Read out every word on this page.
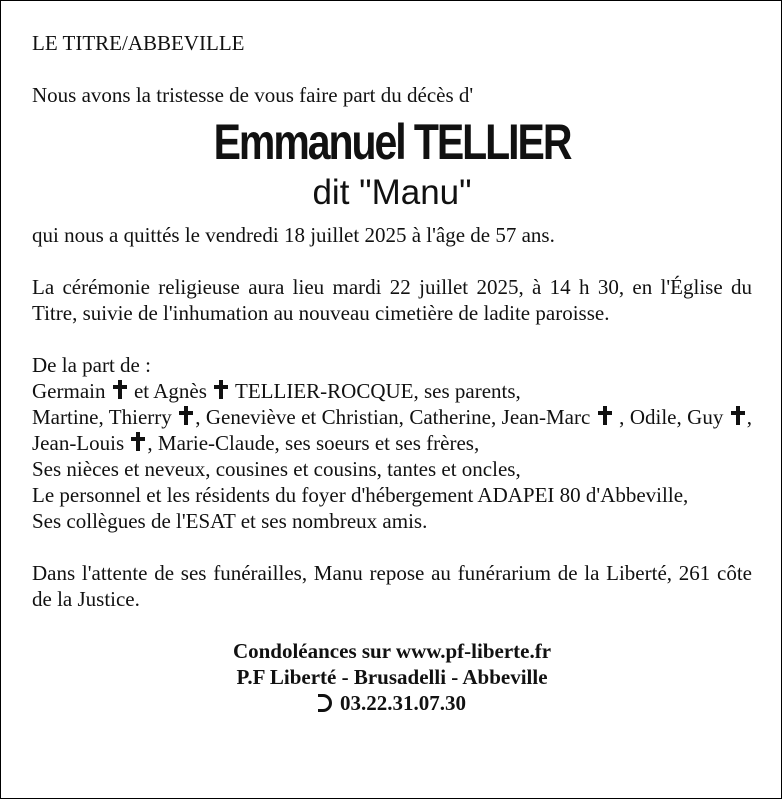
LE TITRE/ABBEVILLE
Nous avons la tristesse de vous faire part du décès d'
Emmanuel TELLIER
dit "Manu"
qui nous a quittés le vendredi 18 juillet 2025 à l'âge de 57 ans.
La cérémonie religieuse aura lieu mardi 22 juillet 2025, à 14 h 30, en l'Église du Titre, suivie de l'inhumation au nouveau cimetière de ladite paroisse.
De la part de :
Germain et Agnès TELLIER-ROCQUE, ses parents,
Martine, Thierry , Geneviève et Christian, Catherine, Jean-Marc , Odile, Guy , Jean-Louis , Marie-Claude, ses soeurs et ses frères,
Ses nièces et neveux, cousines et cousins, tantes et oncles,
Le personnel et les résidents du foyer d'hébergement ADAPEI 80 d'Abbeville,
Ses collègues de l'ESAT et ses nombreux amis.
Dans l'attente de ses funérailles, Manu repose au funérarium de la Liberté, 261 côte de la Justice.
Condoléances sur www.pf-liberte.fr
P.F Liberté - Brusadelli - Abbeville
03.22.31.07.30
